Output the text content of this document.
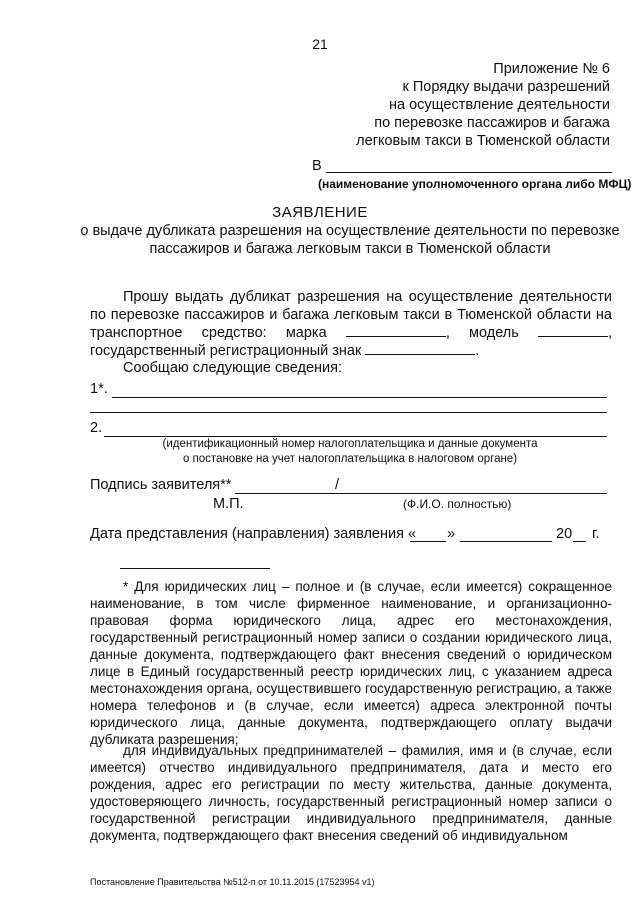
21
Приложение № 6
к Порядку выдачи разрешений
на осуществление деятельности
по перевозке пассажиров и багажа
легковым такси в Тюменской области
В
(наименование уполномоченного органа либо МФЦ)
ЗАЯВЛЕНИЕ
о выдаче дубликата разрешения на осуществление деятельности по перевозке пассажиров и багажа легковым такси в Тюменской области
Прошу выдать дубликат разрешения на осуществление деятельности по перевозке пассажиров и багажа легковым такси в Тюменской области на транспортное средство: марка	, модель	, государственный регистрационный знак	.
Сообщаю следующие сведения:
1*.
2.
(идентификационный номер налогоплательщика и данные документа
о постановке на учет налогоплательщика в налоговом органе)
Подпись заявителя**	/
М.П.	(Ф.И.О. полностью)
Дата представления (направления) заявления « »	20 г.
* Для юридических лиц – полное и (в случае, если имеется) сокращенное наименование, в том числе фирменное наименование, и организационно-правовая форма юридического лица, адрес его местонахождения, государственный регистрационный номер записи о создании юридического лица, данные документа, подтверждающего факт внесения сведений о юридическом лице в Единый государственный реестр юридических лиц, с указанием адреса местонахождения органа, осуществившего государственную регистрацию, а также номера телефонов и (в случае, если имеется) адреса электронной почты юридического лица, данные документа, подтверждающего оплату выдачи дубликата разрешения;
для индивидуальных предпринимателей – фамилия, имя и (в случае, если имеется) отчество индивидуального предпринимателя, дата и место его рождения, адрес его регистрации по месту жительства, данные документа, удостоверяющего личность, государственный регистрационный номер записи о государственной регистрации индивидуального предпринимателя, данные документа, подтверждающего факт внесения сведений об индивидуальном
Постановление Правительства №512-п от 10.11.2015 (17523954 v1)
